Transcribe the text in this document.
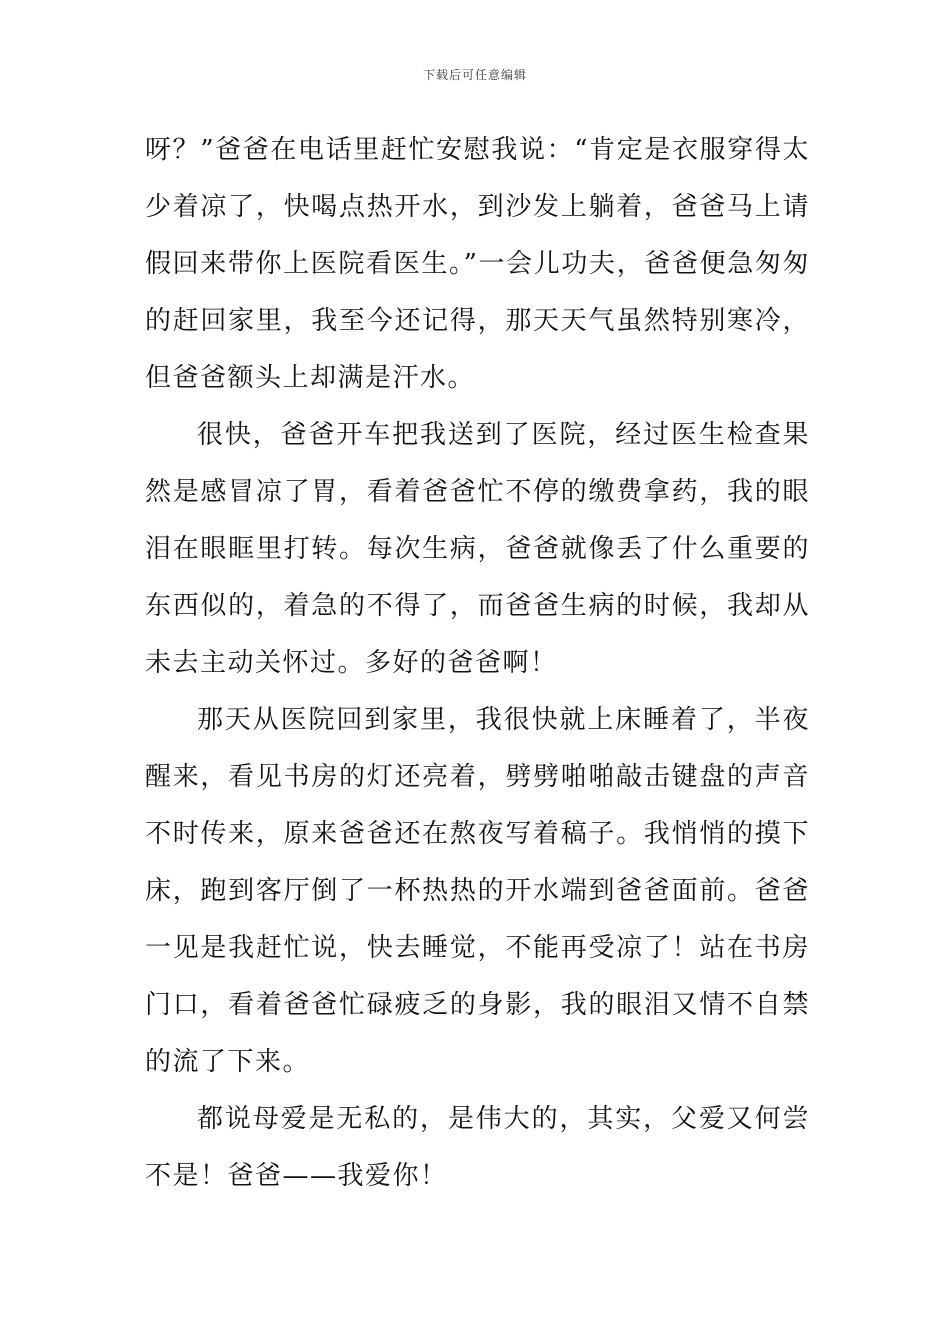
下载后可任意编辑

呀？”爸爸在电话里赶忙安慰我说：“肯定是衣服穿得太少着凉了，快喝点热开水，到沙发上躺着，爸爸马上请假回来带你上医院看医生。”一会儿功夫，爸爸便急匆匆的赶回家里，我至今还记得，那天天气虽然特别寒冷，但爸爸额头上却满是汗水。

很快，爸爸开车把我送到了医院，经过医生检查果然是感冒凉了胃，看着爸爸忙不停的缴费拿药，我的眼泪在眼眶里打转。每次生病，爸爸就像丢了什么重要的东西似的，着急的不得了，而爸爸生病的时候，我却从未去主动关怀过。多好的爸爸啊！

那天从医院回到家里，我很快就上床睡着了，半夜醒来，看见书房的灯还亮着，劈劈啪啪敲击键盘的声音不时传来，原来爸爸还在熬夜写着稿子。我悄悄的摸下床，跑到客厅倒了一杯热热的开水端到爸爸面前。爸爸一见是我赶忙说，快去睡觉，不能再受凉了！站在书房门口，看着爸爸忙碌疲乏的身影，我的眼泪又情不自禁的流了下来。

都说母爱是无私的，是伟大的，其实，父爱又何尝不是！爸爸——我爱你！
